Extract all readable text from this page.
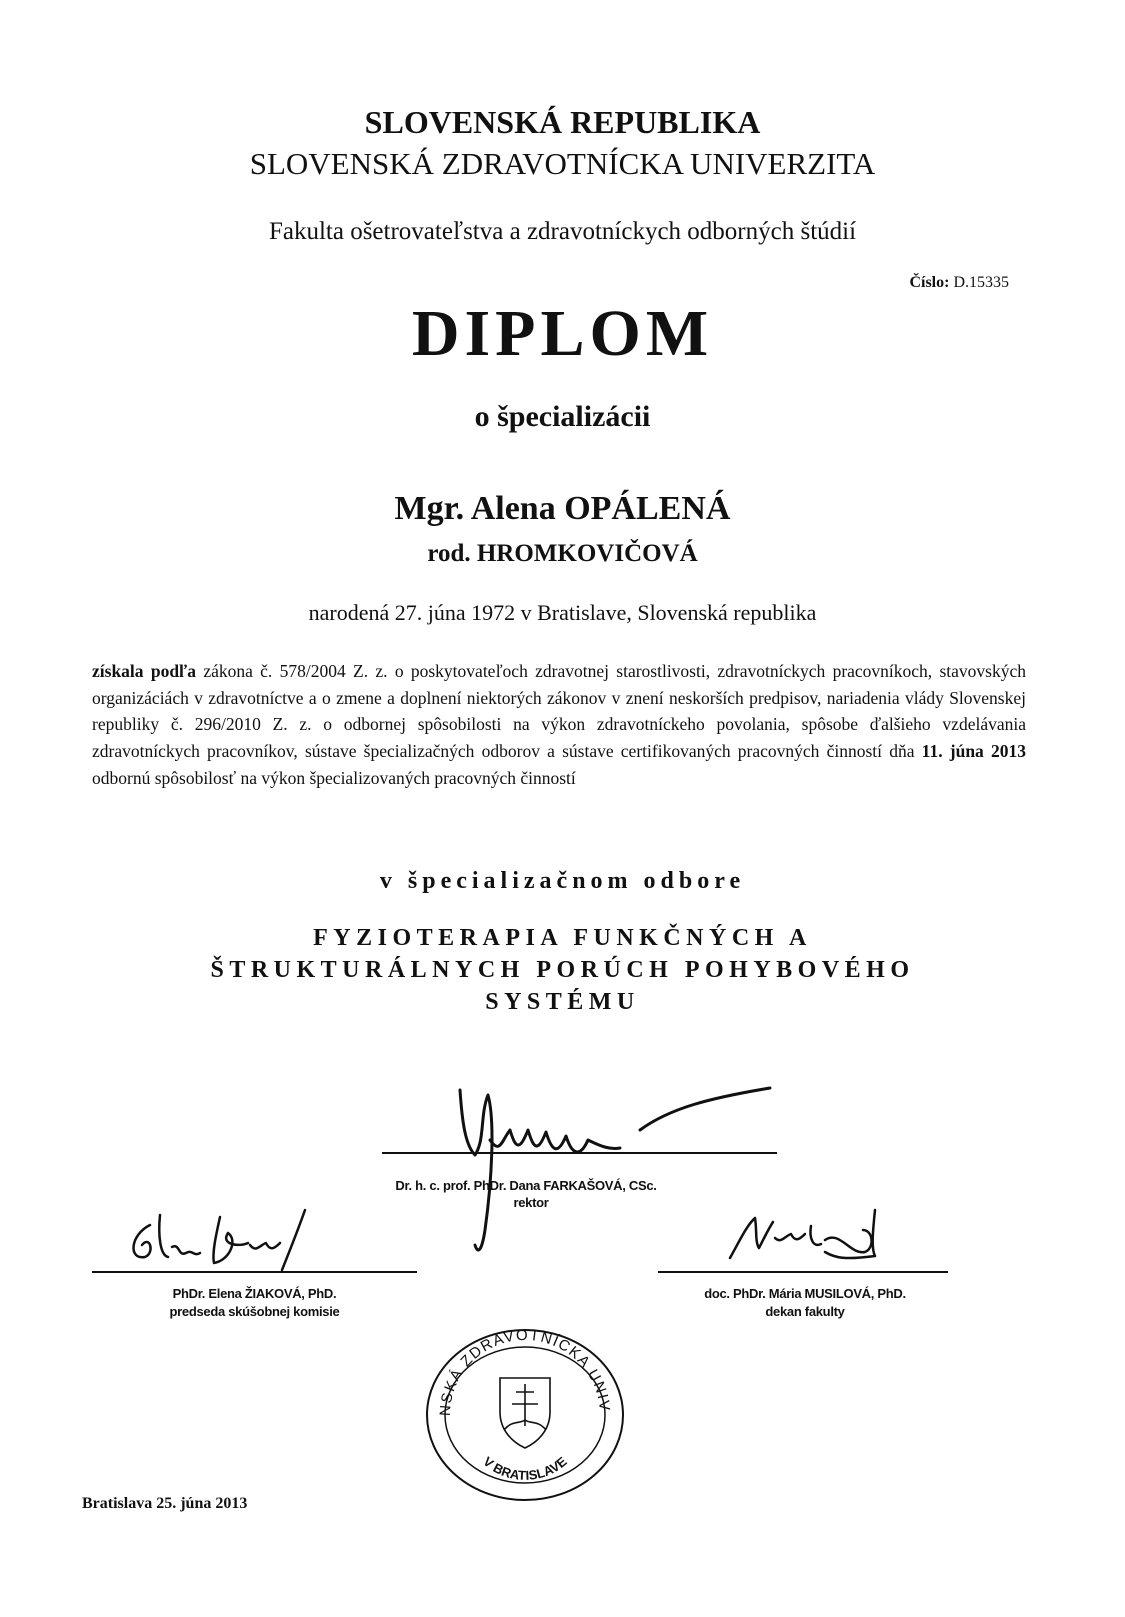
SLOVENSKÁ REPUBLIKA
SLOVENSKÁ ZDRAVOTNÍCKA UNIVERZITA
Fakulta ošetrovateľstva a zdravotníckych odborných štúdií
Číslo: D.15335
DIPLOM
o špecializácii
Mgr. Alena OPÁLENÁ
rod. HROMKOVIČOVÁ
narodená 27. júna 1972 v Bratislave, Slovenská republika
získala podľa zákona č. 578/2004 Z. z. o poskytovateľoch zdravotnej starostlivosti, zdravotníckych pracovníkoch, stavovských organizáciách v zdravotníctve a o zmene a doplnení niektorých zákonov v znení neskorších predpisov, nariadenia vlády Slovenskej republiky č. 296/2010 Z. z. o odbornej spôsobilosti na výkon zdravotníckeho povolania, spôsobe ďalšieho vzdelávania zdravotníckych pracovníkov, sústave špecializačných odborov a sústave certifikovaných pracovných činností dňa 11. júna 2013 odbornú spôsobilosť na výkon špecializovaných pracovných činností
v špecializačnom odbore
FYZIOTERAPIA FUNKČNÝCH A
ŠTRUKTURÁLNYCH PORÚCH POHYBOVÉHO
SYSTÉMU
Dr. h. c. prof. PhDr. Dana FARKAŠOVÁ, CSc.
rektor
PhDr. Elena ŽIAKOVÁ, PhD.
predseda skúšobnej komisie
doc. PhDr. Mária MUSILOVÁ, PhD.
dekan fakulty
SLOVENSKÁ ZDRAVOTNÍCKA UNIVERZITA
V BRATISLAVE
Bratislava 25. júna 2013
